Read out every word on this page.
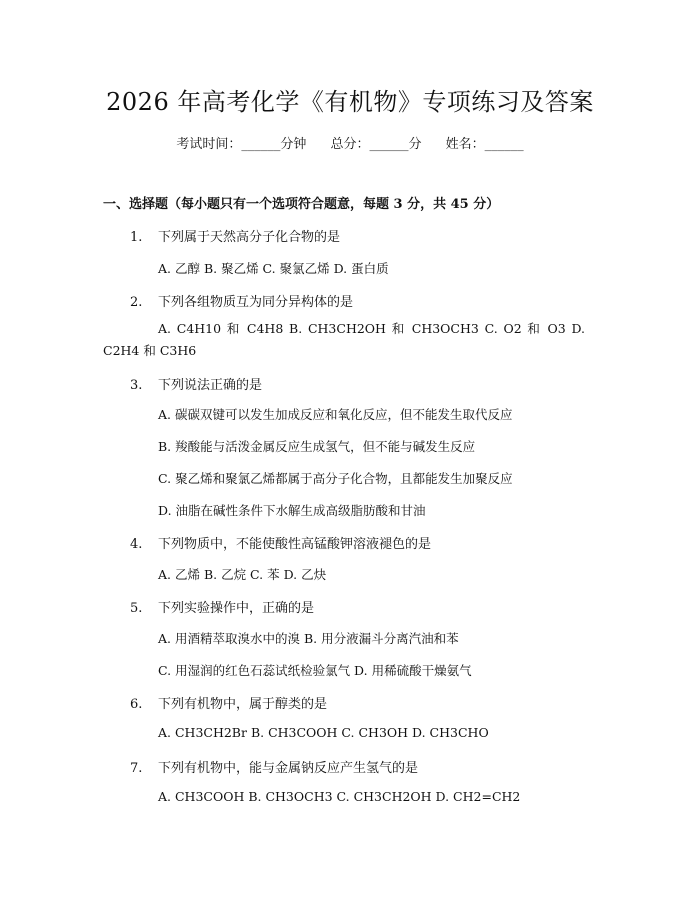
2026 年高考化学《有机物》专项练习及答案
考试时间：______分钟 总分：______分 姓名：______
一、选择题（每小题只有一个选项符合题意，每题 3 分，共 45 分）
1. 下列属于天然高分子化合物的是
A. 乙醇 B. 聚乙烯 C. 聚氯乙烯 D. 蛋白质
2. 下列各组物质互为同分异构体的是
A. C4H10 和 C4H8 B. CH3CH2OH 和 CH3OCH3 C. O2 和 O3 D. C2H4 和 C3H6
3. 下列说法正确的是
A. 碳碳双键可以发生加成反应和氧化反应，但不能发生取代反应
B. 羧酸能与活泼金属反应生成氢气，但不能与碱发生反应
C. 聚乙烯和聚氯乙烯都属于高分子化合物，且都能发生加聚反应
D. 油脂在碱性条件下水解生成高级脂肪酸和甘油
4. 下列物质中，不能使酸性高锰酸钾溶液褪色的是
A. 乙烯 B. 乙烷 C. 苯 D. 乙炔
5. 下列实验操作中，正确的是
A. 用酒精萃取溴水中的溴 B. 用分液漏斗分离汽油和苯
C. 用湿润的红色石蕊试纸检验氯气 D. 用稀硫酸干燥氨气
6. 下列有机物中，属于醇类的是
A. CH3CH2Br B. CH3COOH C. CH3OH D. CH3CHO
7. 下列有机物中，能与金属钠反应产生氢气的是
A. CH3COOH B. CH3OCH3 C. CH3CH2OH D. CH2=CH2
